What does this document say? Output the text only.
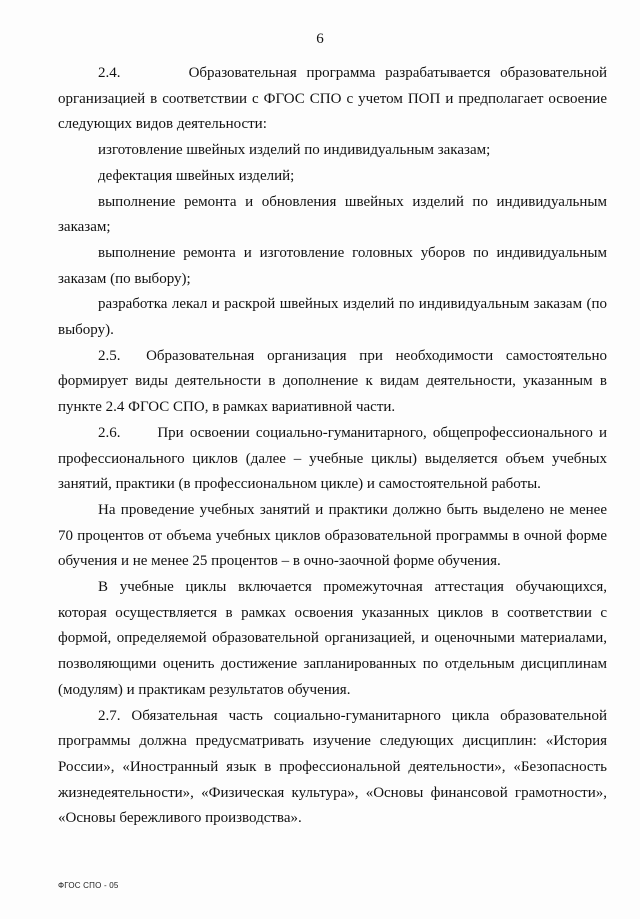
6

2.4.	Образовательная программа разрабатывается образовательной организацией в соответствии с ФГОС СПО с учетом ПОП и предполагает освоение следующих видов деятельности:

изготовление швейных изделий по индивидуальным заказам;

дефектация швейных изделий;

выполнение ремонта и обновления швейных изделий по индивидуальным заказам;

выполнение ремонта и изготовление головных уборов по индивидуальным заказам (по выбору);

разработка лекал и раскрой швейных изделий по индивидуальным заказам (по выбору).

2.5. Образовательная организация при необходимости самостоятельно формирует виды деятельности в дополнение к видам деятельности, указанным в пункте 2.4 ФГОС СПО, в рамках вариативной части.

2.6. При освоении социально-гуманитарного, общепрофессионального и профессионального циклов (далее – учебные циклы) выделяется объем учебных занятий, практики (в профессиональном цикле) и самостоятельной работы.

На проведение учебных занятий и практики должно быть выделено не менее 70 процентов от объема учебных циклов образовательной программы в очной форме обучения и не менее 25 процентов – в очно-заочной форме обучения.

В учебные циклы включается промежуточная аттестация обучающихся, которая осуществляется в рамках освоения указанных циклов в соответствии с формой, определяемой образовательной организацией, и оценочными материалами, позволяющими оценить достижение запланированных по отдельным дисциплинам (модулям) и практикам результатов обучения.

2.7. Обязательная часть социально-гуманитарного цикла образовательной программы должна предусматривать изучение следующих дисциплин: «История России», «Иностранный язык в профессиональной деятельности», «Безопасность жизнедеятельности», «Физическая культура», «Основы финансовой грамотности», «Основы бережливого производства».

ФГОС СПО - 05
